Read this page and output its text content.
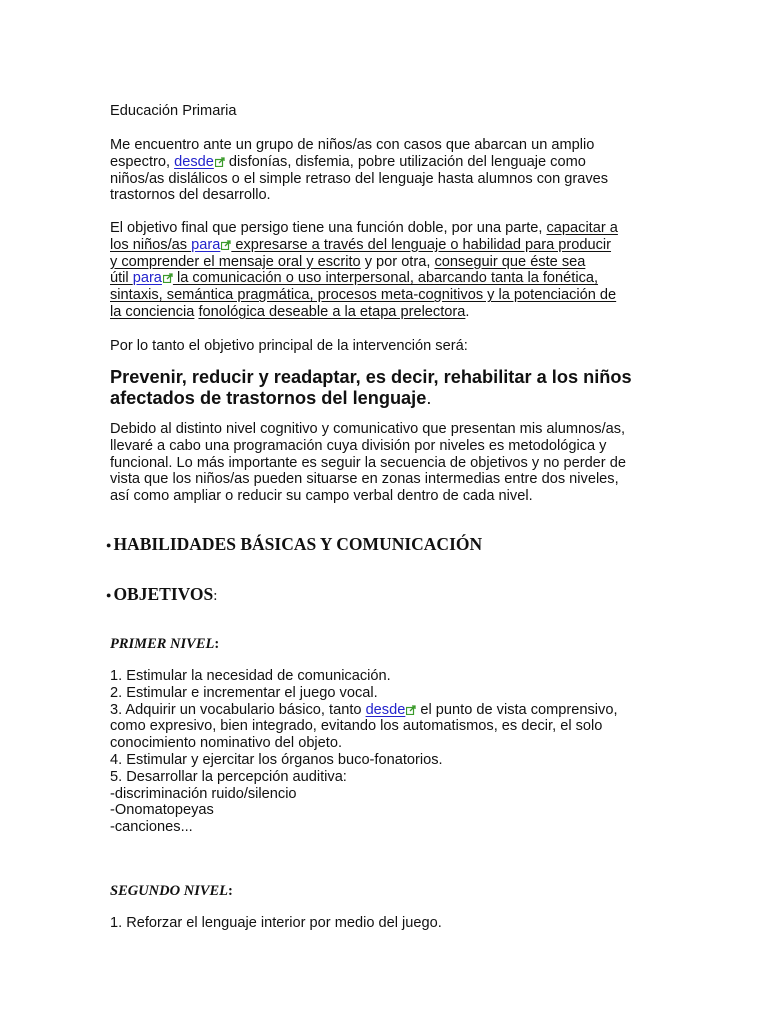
Educación Primaria
Me encuentro ante un grupo de niños/as con casos que abarcan un amplio
espectro, desde
disfonías, disfemia, pobre utilización del lenguaje como
niños/as dislálicos o el simple retraso del lenguaje hasta alumnos con graves
trastornos del desarrollo.
El objetivo final que persigo tiene una función doble, por una parte, capacitar a
los niños/as para
expresarse a través del lenguaje o habilidad para producir
y comprender el mensaje oral y escrito y por otra, conseguir que éste sea
útil para
la comunicación o uso interpersonal, abarcando tanta la fonética,
sintaxis, semántica pragmática, procesos meta-cognitivos y la potenciación de
la conciencia fonológica deseable a la etapa prelectora.
Por lo tanto el objetivo principal de la intervención será:
Prevenir, reducir y readaptar, es decir, rehabilitar a los niños
afectados de trastornos del lenguaje.
Debido al distinto nivel cognitivo y comunicativo que presentan mis alumnos/as,
llevaré a cabo una programación cuya división por niveles es metodológica y
funcional. Lo más importante es seguir la secuencia de objetivos y no perder de
vista que los niños/as pueden situarse en zonas intermedias entre dos niveles,
así como ampliar o reducir su campo verbal dentro de cada nivel.
● HABILIDADES BÁSICAS Y COMUNICACIÓN
● OBJETIVOS:
PRIMER NIVEL:
1. Estimular la necesidad de comunicación.
2. Estimular e incrementar el juego vocal.
3. Adquirir un vocabulario básico, tanto desde
el punto de vista comprensivo,
como expresivo, bien integrado, evitando los automatismos, es decir, el solo
conocimiento nominativo del objeto.
4. Estimular y ejercitar los órganos buco-fonatorios.
5. Desarrollar la percepción auditiva:
-discriminación ruido/silencio
-Onomatopeyas
-canciones...
SEGUNDO NIVEL:
1. Reforzar el lenguaje interior por medio del juego.
